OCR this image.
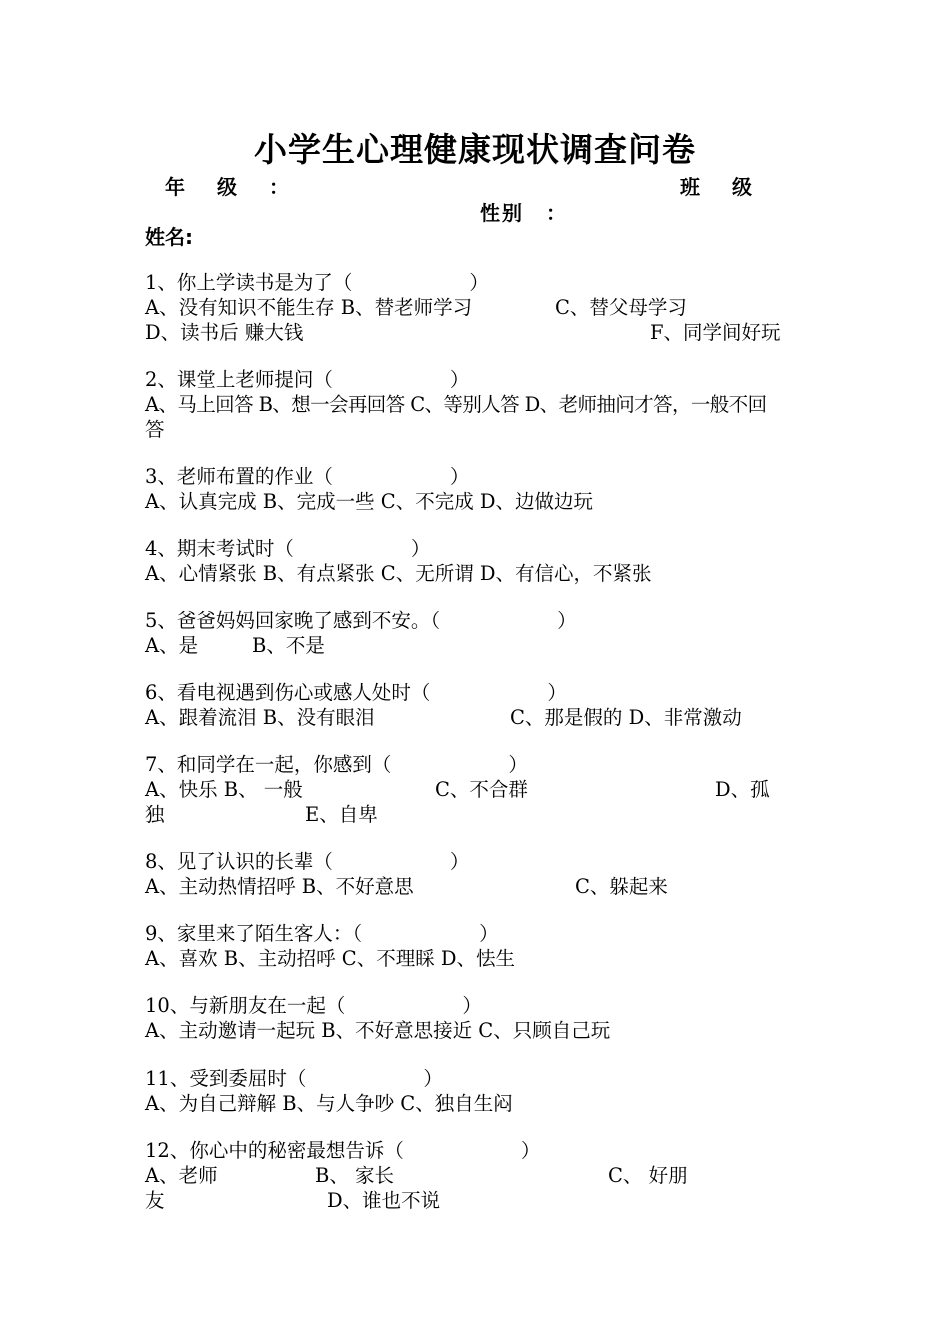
小学生心理健康现状调查问卷
年　级　：	班　级
性别　：
姓名:
1、你上学读书是为了（　　　　　　）
A、没有知识不能生存 B、替老师学习	C、替父母学习
D、读书后 赚大钱	F、同学间好玩
2、课堂上老师提问（　　　　　　）
A、马上回答 B、想一会再回答 C、等别人答 D、老师抽问才答，一般不回
答
3、老师布置的作业（　　　　　　）
A、认真完成 B、完成一些 C、不完成 D、边做边玩
4、期末考试时（　　　　　　）
A、心情紧张 B、有点紧张 C、无所谓 D、有信心，不紧张
5、爸爸妈妈回家晚了感到不安。（　　　　　　）
A、是	B、不是
6、看电视遇到伤心或感人处时（　　　　　　）
A、跟着流泪 B、没有眼泪	C、那是假的 D、非常激动
7、和同学在一起，你感到（　　　　　　）
A、快乐 B、 一般	C、不合群	D、孤
独	E、自卑
8、见了认识的长辈（　　　　　　）
A、主动热情招呼 B、不好意思	C、躲起来
9、家里来了陌生客人：（　　　　　　）
A、喜欢 B、主动招呼 C、不理睬 D、怯生
10、与新朋友在一起（　　　　　　）
A、主动邀请一起玩 B、不好意思接近 C、只顾自己玩
11、受到委屈时（　　　　　　）
A、为自己辩解 B、与人争吵 C、独自生闷
12、你心中的秘密最想告诉（　　　　　　）
A、老师	B、 家长	C、 好朋
友	D、谁也不说
